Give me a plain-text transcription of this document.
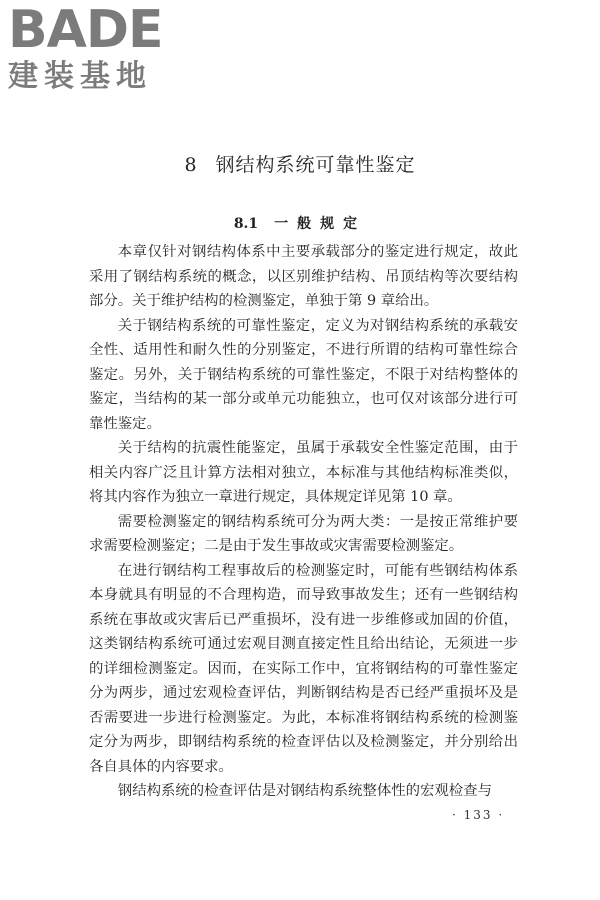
BADE
建装基地
8 钢结构系统可靠性鉴定
8.1 一般规定

本章仅针对钢结构体系中主要承载部分的鉴定进行规定，故此采用了钢结构系统的概念，以区别维护结构、吊顶结构等次要结构部分。关于维护结构的检测鉴定，单独于第 9 章给出。

关于钢结构系统的可靠性鉴定，定义为对钢结构系统的承载安全性、适用性和耐久性的分别鉴定，不进行所谓的结构可靠性综合鉴定。另外，关于钢结构系统的可靠性鉴定，不限于对结构整体的鉴定，当结构的某一部分或单元功能独立，也可仅对该部分进行可靠性鉴定。

关于结构的抗震性能鉴定，虽属于承载安全性鉴定范围，由于相关内容广泛且计算方法相对独立，本标准与其他结构标准类似，将其内容作为独立一章进行规定，具体规定详见第 10 章。

需要检测鉴定的钢结构系统可分为两大类：一是按正常维护要求需要检测鉴定；二是由于发生事故或灾害需要检测鉴定。

在进行钢结构工程事故后的检测鉴定时，可能有些钢结构体系本身就具有明显的不合理构造，而导致事故发生；还有一些钢结构系统在事故或灾害后已严重损坏，没有进一步维修或加固的价值，这类钢结构系统可通过宏观目测直接定性且给出结论，无须进一步的详细检测鉴定。因而，在实际工作中，宜将钢结构的可靠性鉴定分为两步，通过宏观检查评估，判断钢结构是否已经严重损坏及是否需要进一步进行检测鉴定。为此，本标准将钢结构系统的检测鉴定分为两步，即钢结构系统的检查评估以及检测鉴定，并分别给出各自具体的内容要求。

钢结构系统的检查评估是对钢结构系统整体性的宏观检查与

· 133 ·
